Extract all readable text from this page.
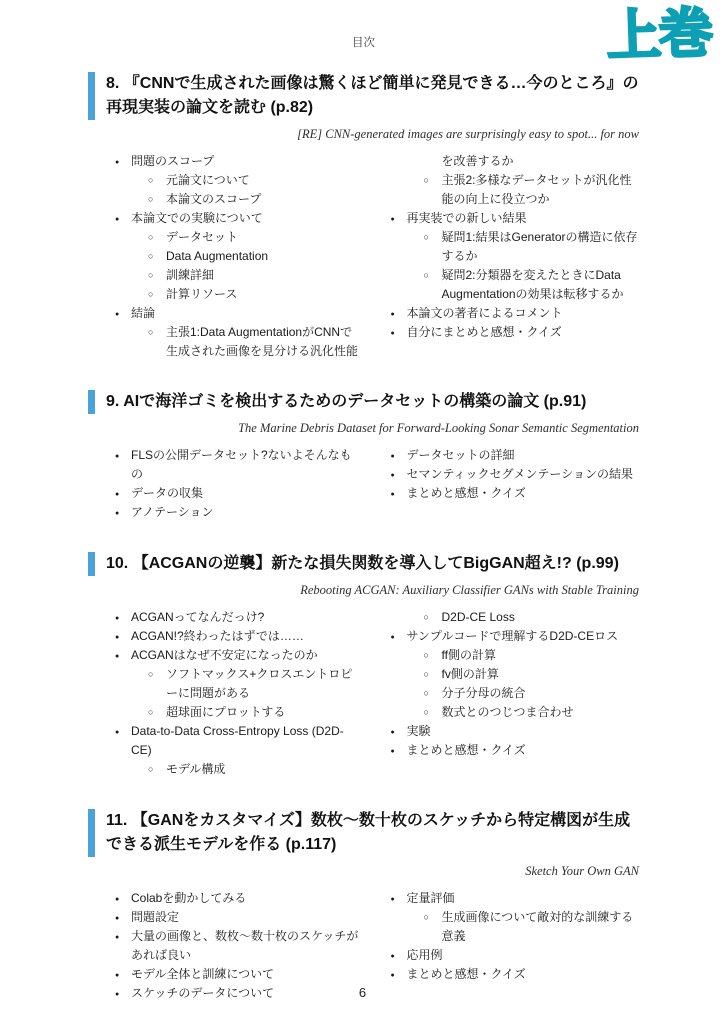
目次	上巻
8. 『CNNで生成された画像は驚くほど簡単に発見できる…今のところ』の再現実装の論文を読む (p.82)
[RE] CNN-generated images are surprisingly easy to spot... for now
● 問題のスコープ
○ 元論文について
○ 本論文のスコープ
● 本論文での実験について
○ データセット
○ Data Augmentation
○ 訓練詳細
○ 計算リソース
● 結論
○ 主張1:Data AugmentationがCNNで生成された画像を見分ける汎化性能
を改善するか
○ 主張2:多様なデータセットが汎化性能の向上に役立つか
● 再実装での新しい結果
○ 疑問1:結果はGeneratorの構造に依存するか
○ 疑問2:分類器を変えたときにData Augmentationの効果は転移するか
● 本論文の著者によるコメント
● 自分にまとめと感想・クイズ
9. AIで海洋ゴミを検出するためのデータセットの構築の論文 (p.91)
The Marine Debris Dataset for Forward-Looking Sonar Semantic Segmentation
● FLSの公開データセット?ないよそんなもの
● データの収集
● アノテーション
● データセットの詳細
● セマンティックセグメンテーションの結果
● まとめと感想・クイズ
10. 【ACGANの逆襲】新たな損失関数を導入してBigGAN超え!? (p.99)
Rebooting ACGAN: Auxiliary Classifier GANs with Stable Training
● ACGANってなんだっけ?
● ACGAN!?終わったはずでは……
● ACGANはなぜ不安定になったのか
○ ソフトマックス+クロスエントロピーに問題がある
○ 超球面にプロットする
● Data-to-Data Cross-Entropy Loss (D2D-CE)
○ モデル構成
○ D2D-CE Loss
● サンプルコードで理解するD2D-CEロス
○ ff側の計算
○ fv側の計算
○ 分子分母の統合
○ 数式とのつじつま合わせ
● 実験
● まとめと感想・クイズ
11. 【GANをカスタマイズ】数枚〜数十枚のスケッチから特定構図が生成できる派生モデルを作る (p.117)
Sketch Your Own GAN
● Colabを動かしてみる
● 問題設定
● 大量の画像と、数枚〜数十枚のスケッチがあれば良い
● モデル全体と訓練について
● スケッチのデータについて
● 定量評価
○ 生成画像について敵対的な訓練する意義
● 応用例
● まとめと感想・クイズ
6
